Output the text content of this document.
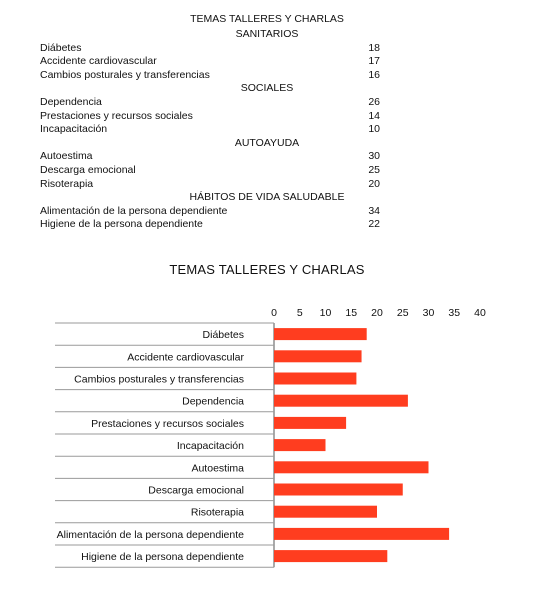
TEMAS TALLERES Y CHARLAS
SANITARIOS
Diábetes	18
Accidente cardiovascular	17
Cambios posturales y transferencias	16
SOCIALES
Dependencia	26
Prestaciones y recursos sociales	14
Incapacitación	10
AUTOAYUDA
Autoestima	30
Descarga emocional	25
Risoterapia	20
HÁBITOS DE VIDA SALUDABLE
Alimentación de la persona dependiente	34
Higiene de la persona dependiente	22
TEMAS TALLERES Y CHARLAS
0 5 10 15 20 25 30 35 40
Diábetes
Accidente cardiovascular
Cambios posturales y transferencias
Dependencia
Prestaciones y recursos sociales
Incapacitación
Autoestima
Descarga emocional
Risoterapia
Alimentación de la persona dependiente
Higiene de la persona dependiente
